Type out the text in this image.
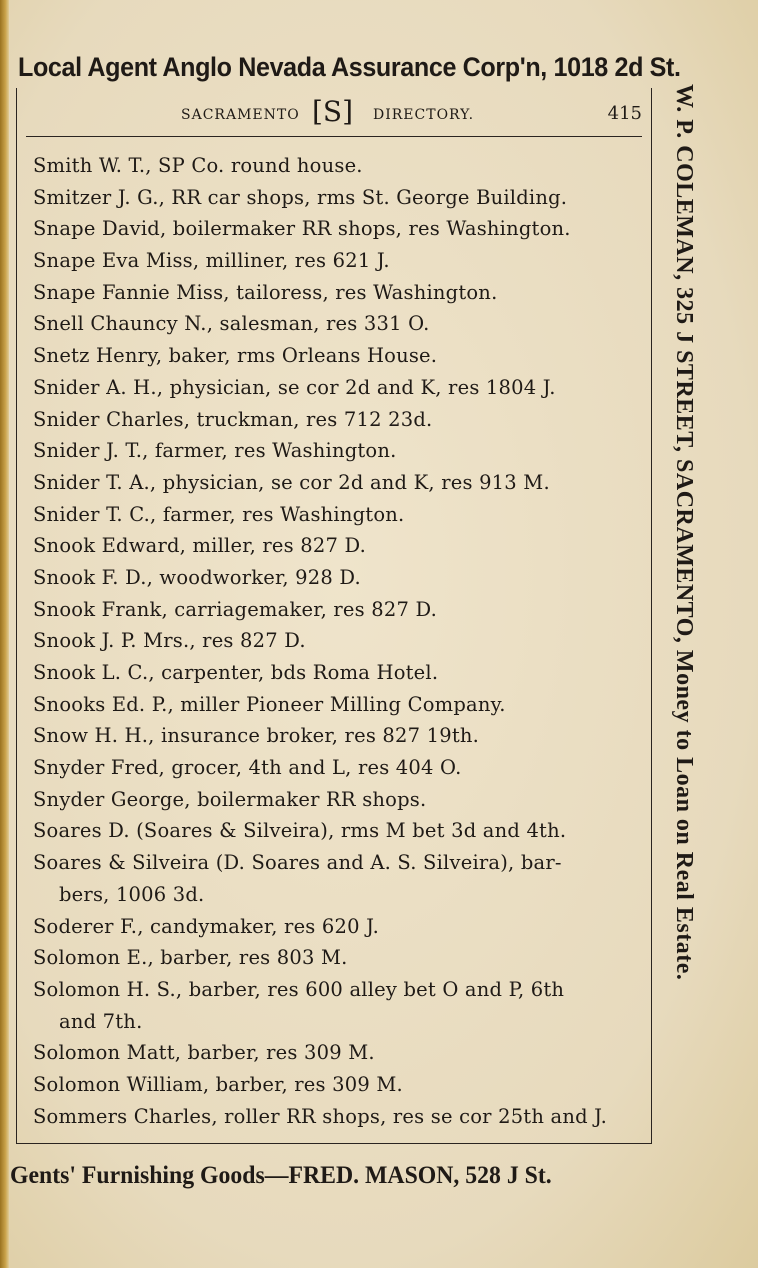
Local Agent Anglo Nevada Assurance Corp'n, 1018 2d St.
SACRAMENTO [S] DIRECTORY.	415
Smith W. T., SP Co. round house.
Smitzer J. G., RR car shops, rms St. George Building.
Snape David, boilermaker RR shops, res Washington.
Snape Eva Miss, milliner, res 621 J.
Snape Fannie Miss, tailoress, res Washington.
Snell Chauncy N., salesman, res 331 O.
Snetz Henry, baker, rms Orleans House.
Snider A. H., physician, se cor 2d and K, res 1804 J.
Snider Charles, truckman, res 712 23d.
Snider J. T., farmer, res Washington.
Snider T. A., physician, se cor 2d and K, res 913 M.
Snider T. C., farmer, res Washington.
Snook Edward, miller, res 827 D.
Snook F. D., woodworker, 928 D.
Snook Frank, carriagemaker, res 827 D.
Snook J. P. Mrs., res 827 D.
Snook L. C., carpenter, bds Roma Hotel.
Snooks Ed. P., miller Pioneer Milling Company.
Snow H. H., insurance broker, res 827 19th.
Snyder Fred, grocer, 4th and L, res 404 O.
Snyder George, boilermaker RR shops.
Soares D. (Soares & Silveira), rms M bet 3d and 4th.
Soares & Silveira (D. Soares and A. S. Silveira), bar-
bers, 1006 3d.
Soderer F., candymaker, res 620 J.
Solomon E., barber, res 803 M.
Solomon H. S., barber, res 600 alley bet O and P, 6th
and 7th.
Solomon Matt, barber, res 309 M.
Solomon William, barber, res 309 M.
Sommers Charles, roller RR shops, res se cor 25th and J.
Gents' Furnishing Goods—FRED. MASON, 528 J St.
W. P. COLEMAN, 325 J STREET, SACRAMENTO, Money to Loan on Real Estate.
